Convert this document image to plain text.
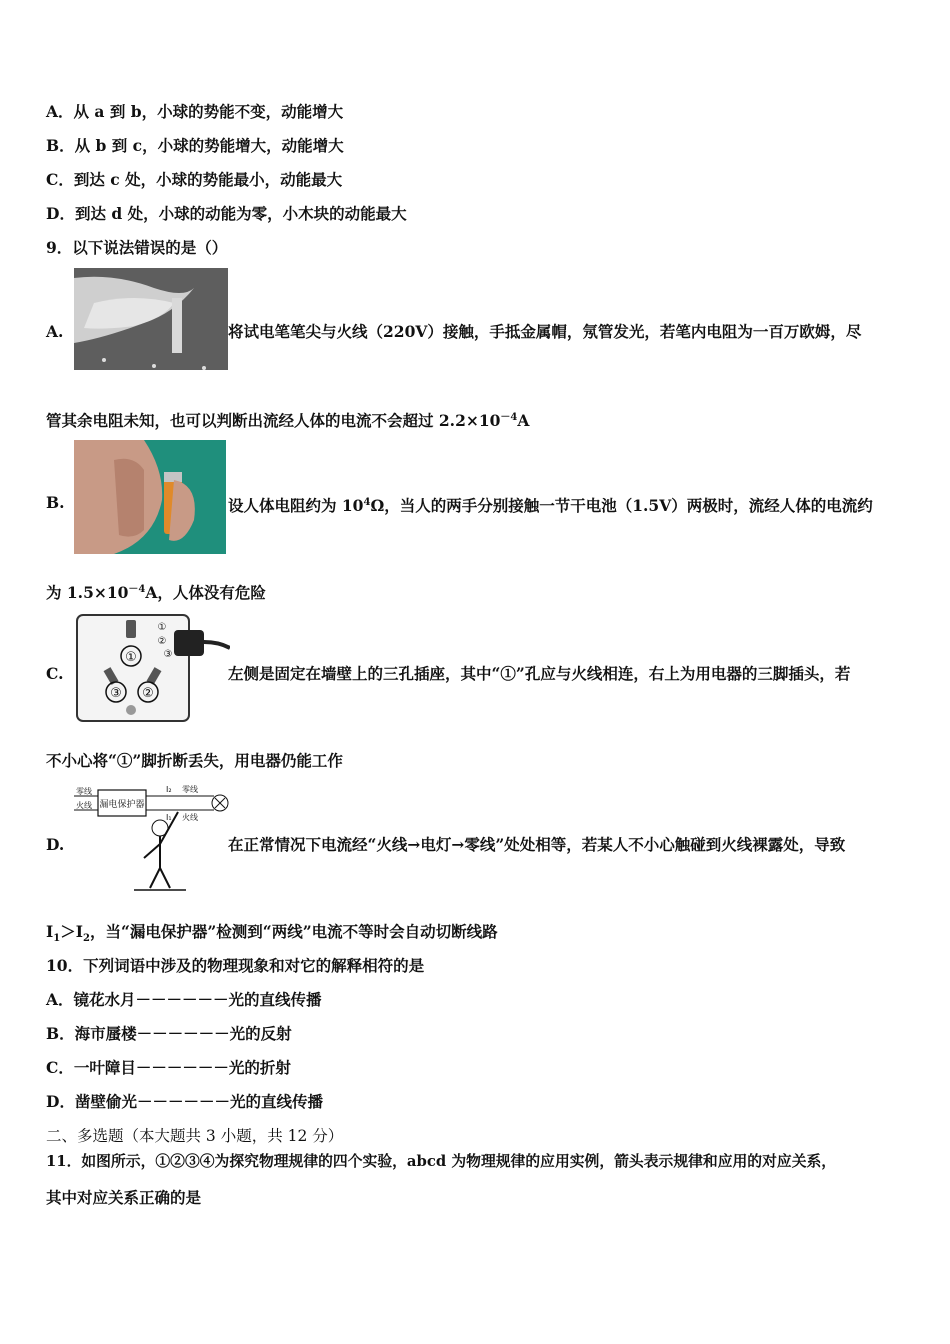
A．从 a 到 b，小球的势能不变，动能增大
B．从 b 到 c，小球的势能增大，动能增大
C．到达 c 处，小球的势能最小，动能最大
D．到达 d 处，小球的动能为零，小木块的动能最大
9．以下说法错误的是（）
A.	将试电笔笔尖与火线（220V）接触，手抵金属帽，氖管发光，若笔内电阻为一百万欧姆，尽
管其余电阻未知，也可以判断出流经人体的电流不会超过 $2.2\times 10^{-4}A$
B.	设人体电阻约为 $10^4\Omega$，当人的两手分别接触一节干电池（1.5V）两极时，流经人体的电流约
为 $1.5\times 10^{-4}A$，人体没有危险
C.
①
③ ②
①
②
③
左侧是固定在墙壁上的三孔插座，其中“①”孔应与火线相连，右上为用电器的三脚插头，若
不小心将“①”脚折断丢失，用电器仍能工作
D.
零线
火线 漏电保护器
I₂
I₁
零线
火线
在正常情况下电流经“火线→电灯→零线”处处相等，若某人不小心触碰到火线裸露处，导致
$I_1>I_2$，当“漏电保护器”检测到“两线”电流不等时会自动切断线路
10．下列词语中涉及的物理现象和对它的解释相符的是
A．镜花水月－－－－－－光的直线传播
B．海市蜃楼－－－－－－光的反射
C．一叶障目－－－－－－光的折射
D．凿壁偷光－－－－－－光的直线传播
二、多选题（本大题共 3 小题，共 12 分）
11．如图所示，①②③④为探究物理规律的四个实验，abcd 为物理规律的应用实例，箭头表示规律和应用的对应关系，
其中对应关系正确的是
